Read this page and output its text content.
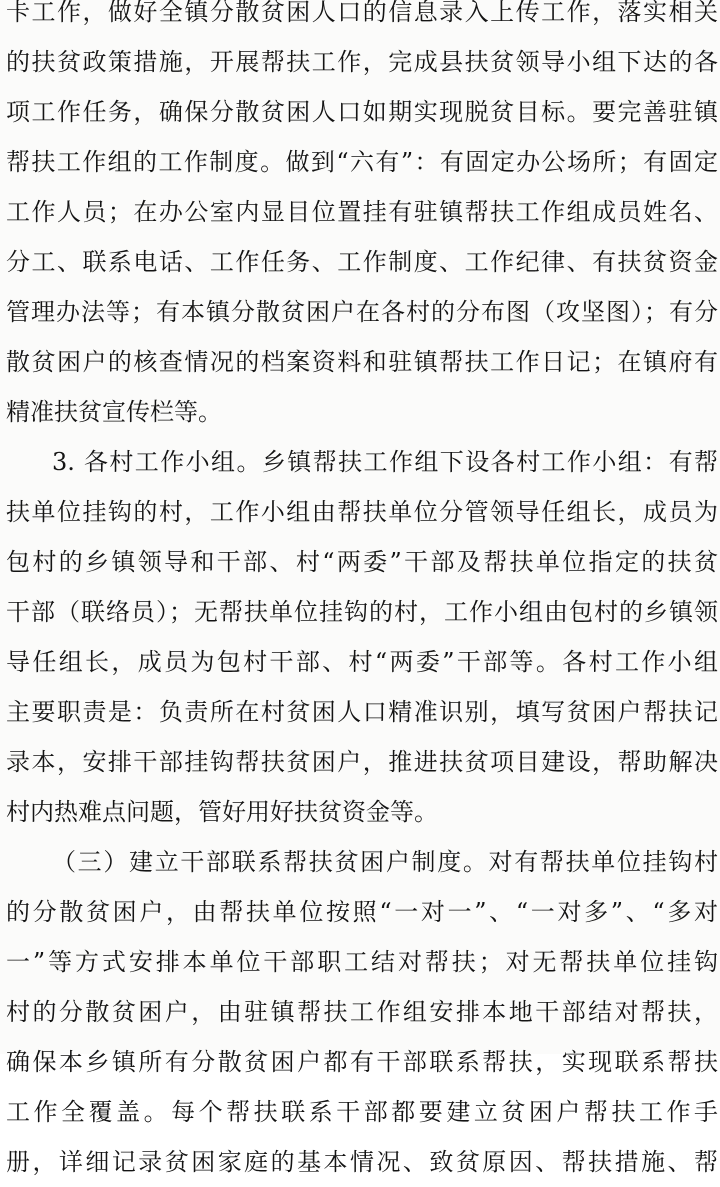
卡工作，做好全镇分散贫困人口的信息录入上传工作，落实相关
的扶贫政策措施，开展帮扶工作，完成县扶贫领导小组下达的各
项工作任务，确保分散贫困人口如期实现脱贫目标。要完善驻镇
帮扶工作组的工作制度。做到“六有”：有固定办公场所；有固定
工作人员；在办公室内显目位置挂有驻镇帮扶工作组成员姓名、
分工、联系电话、工作任务、工作制度、工作纪律、有扶贫资金
管理办法等；有本镇分散贫困户在各村的分布图（攻坚图）；有分
散贫困户的核查情况的档案资料和驻镇帮扶工作日记；在镇府有
精准扶贫宣传栏等。
3. 各村工作小组。乡镇帮扶工作组下设各村工作小组：有帮
扶单位挂钩的村，工作小组由帮扶单位分管领导任组长，成员为
包村的乡镇领导和干部、村“两委”干部及帮扶单位指定的扶贫
干部（联络员）；无帮扶单位挂钩的村，工作小组由包村的乡镇领
导任组长，成员为包村干部、村“两委”干部等。各村工作小组
主要职责是：负责所在村贫困人口精准识别，填写贫困户帮扶记
录本，安排干部挂钩帮扶贫困户，推进扶贫项目建设，帮助解决
村内热难点问题，管好用好扶贫资金等。
（三）建立干部联系帮扶贫困户制度。对有帮扶单位挂钩村
的分散贫困户，由帮扶单位按照“一对一”、“一对多”、“多对
一”等方式安排本单位干部职工结对帮扶；对无帮扶单位挂钩
村的分散贫困户，由驻镇帮扶工作组安排本地干部结对帮扶，
确保本乡镇所有分散贫困户都有干部联系帮扶，实现联系帮扶
工作全覆盖。每个帮扶联系干部都要建立贫困户帮扶工作手
册，详细记录贫困家庭的基本情况、致贫原因、帮扶措施、帮
